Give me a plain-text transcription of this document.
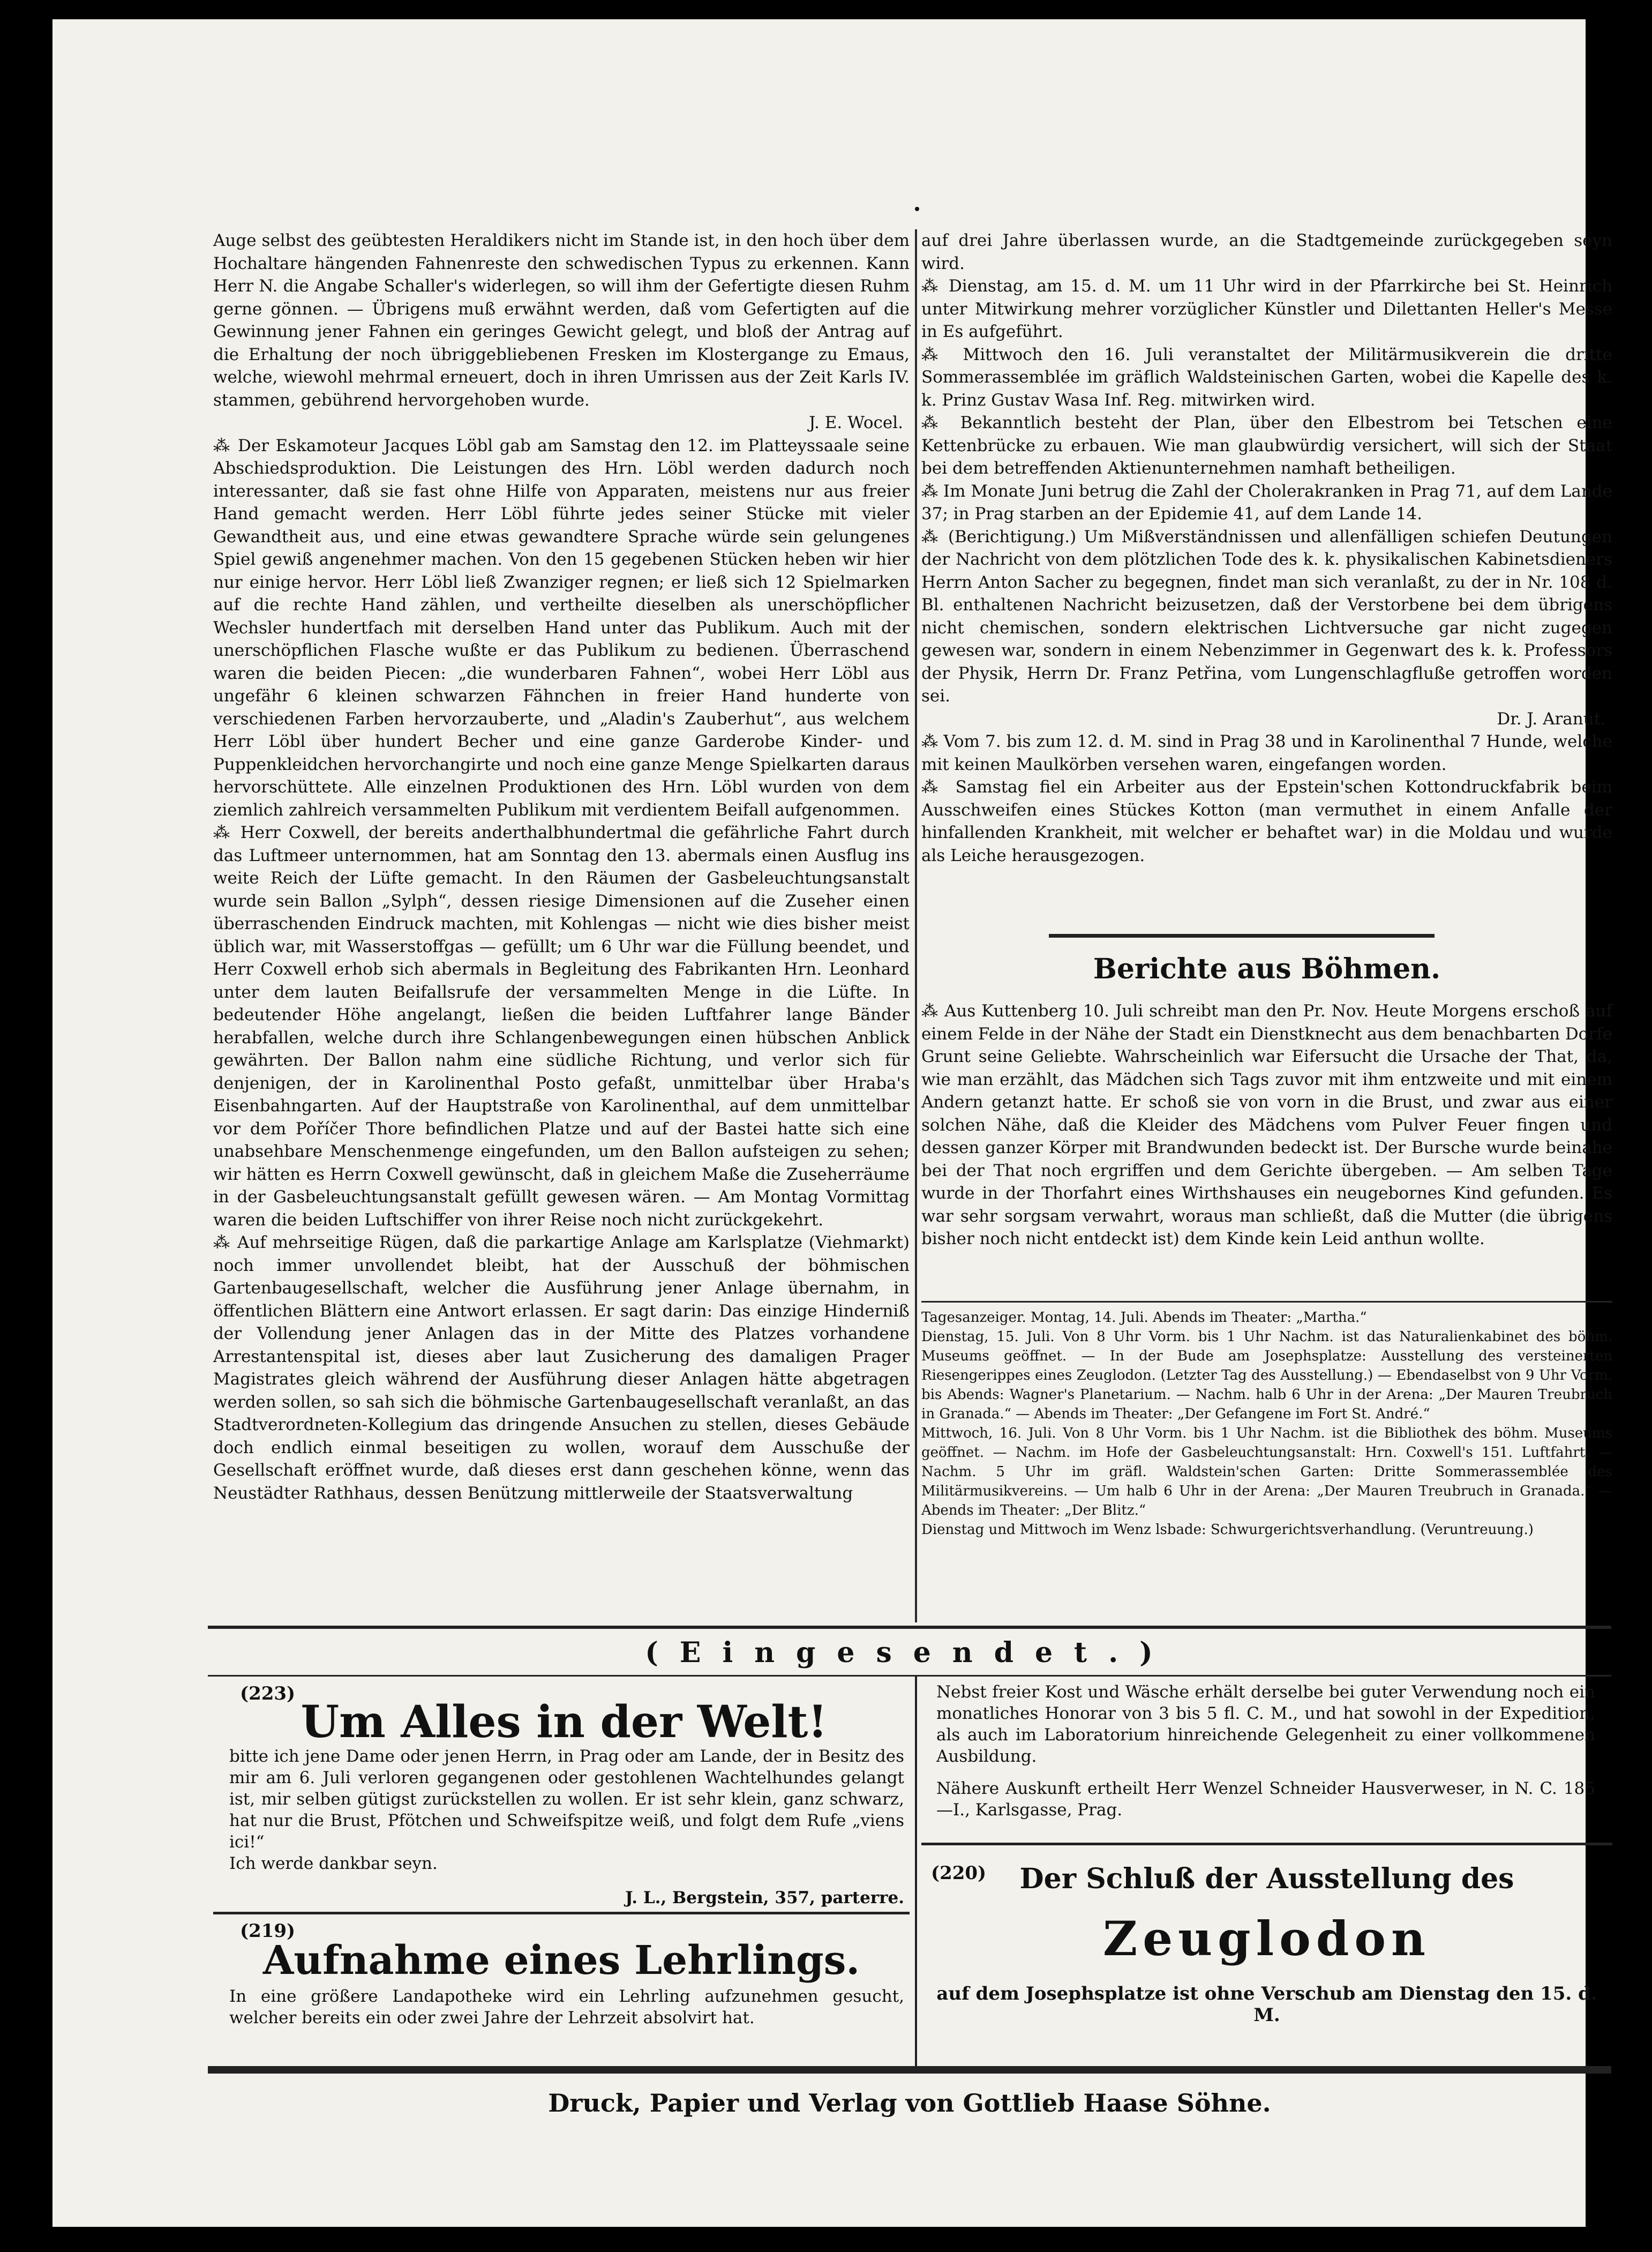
Auge selbst des geübtesten Heraldikers nicht im Stande ist, in den hoch über dem Hochaltare hängenden Fahnenreste den schwedischen Typus zu erkennen. Kann Herr N. die Angabe Schaller's widerlegen, so will ihm der Gefertigte diesen Ruhm gerne gönnen. — Übrigens muß erwähnt werden, daß vom Gefertigten auf die Gewinnung jener Fahnen ein geringes Gewicht gelegt, und bloß der Antrag auf die Erhaltung der noch übriggebliebenen Fresken im Klostergange zu Emaus, welche, wiewohl mehrmal erneuert, doch in ihren Umrissen aus der Zeit Karls IV. stammen, gebührend hervorgehoben wurde.

J. E. Wocel.

⁂ Der Eskamoteur Jacques Löbl gab am Samstag den 12. im Platteyssaale seine Abschiedsproduktion. Die Leistungen des Hrn. Löbl werden dadurch noch interessanter, daß sie fast ohne Hilfe von Apparaten, meistens nur aus freier Hand gemacht werden. Herr Löbl führte jedes seiner Stücke mit vieler Gewandtheit aus, und eine etwas gewandtere Sprache würde sein gelungenes Spiel gewiß angenehmer machen. Von den 15 gegebenen Stücken heben wir hier nur einige hervor. Herr Löbl ließ Zwanziger regnen; er ließ sich 12 Spielmarken auf die rechte Hand zählen, und vertheilte dieselben als unerschöpflicher Wechsler hundertfach mit derselben Hand unter das Publikum. Auch mit der unerschöpflichen Flasche wußte er das Publikum zu bedienen. Überraschend waren die beiden Piecen: „die wunderbaren Fahnen“, wobei Herr Löbl aus ungefähr 6 kleinen schwarzen Fähnchen in freier Hand hunderte von verschiedenen Farben hervorzauberte, und „Aladin's Zauberhut“, aus welchem Herr Löbl über hundert Becher und eine ganze Garderobe Kinder- und Puppenkleidchen hervorchangirte und noch eine ganze Menge Spielkarten daraus hervorschüttete. Alle einzelnen Produktionen des Hrn. Löbl wurden von dem ziemlich zahlreich versammelten Publikum mit verdientem Beifall aufgenommen.

⁂ Herr Coxwell, der bereits anderthalbhundertmal die gefährliche Fahrt durch das Luftmeer unternommen, hat am Sonntag den 13. abermals einen Ausflug ins weite Reich der Lüfte gemacht. In den Räumen der Gasbeleuchtungsanstalt wurde sein Ballon „Sylph“, dessen riesige Dimensionen auf die Zuseher einen überraschenden Eindruck machten, mit Kohlengas — nicht wie dies bisher meist üblich war, mit Wasserstoffgas — gefüllt; um 6 Uhr war die Füllung beendet, und Herr Coxwell erhob sich abermals in Begleitung des Fabrikanten Hrn. Leonhard unter dem lauten Beifallsrufe der versammelten Menge in die Lüfte. In bedeutender Höhe angelangt, ließen die beiden Luftfahrer lange Bänder herabfallen, welche durch ihre Schlangenbewegungen einen hübschen Anblick gewährten. Der Ballon nahm eine südliche Richtung, und verlor sich für denjenigen, der in Karolinenthal Posto gefaßt, unmittelbar über Hraba's Eisenbahngarten. Auf der Hauptstraße von Karolinenthal, auf dem unmittelbar vor dem Poříčer Thore befindlichen Platze und auf der Bastei hatte sich eine unabsehbare Menschenmenge eingefunden, um den Ballon aufsteigen zu sehen; wir hätten es Herrn Coxwell gewünscht, daß in gleichem Maße die Zuseherräume in der Gasbeleuchtungsanstalt gefüllt gewesen wären. — Am Montag Vormittag waren die beiden Luftschiffer von ihrer Reise noch nicht zurückgekehrt.

⁂ Auf mehrseitige Rügen, daß die parkartige Anlage am Karlsplatze (Viehmarkt) noch immer unvollendet bleibt, hat der Ausschuß der böhmischen Gartenbaugesellschaft, welcher die Ausführung jener Anlage übernahm, in öffentlichen Blättern eine Antwort erlassen. Er sagt darin: Das einzige Hinderniß der Vollendung jener Anlagen das in der Mitte des Platzes vorhandene Arrestantenspital ist, dieses aber laut Zusicherung des damaligen Prager Magistrates gleich während der Ausführung dieser Anlagen hätte abgetragen werden sollen, so sah sich die böhmische Gartenbaugesellschaft veranlaßt, an das Stadtverordneten-Kollegium das dringende Ansuchen zu stellen, dieses Gebäude doch endlich einmal beseitigen zu wollen, worauf dem Ausschuße der Gesellschaft eröffnet wurde, daß dieses erst dann geschehen könne, wenn das Neustädter Rathhaus, dessen Benützung mittlerweile der Staatsverwaltung

auf drei Jahre überlassen wurde, an die Stadtgemeinde zurückgegeben seyn wird.

⁂ Dienstag, am 15. d. M. um 11 Uhr wird in der Pfarrkirche bei St. Heinrich unter Mitwirkung mehrer vorzüglicher Künstler und Dilettanten Heller's Messe in Es aufgeführt.

⁂ Mittwoch den 16. Juli veranstaltet der Militärmusikverein die dritte Sommerassemblée im gräflich Waldsteinischen Garten, wobei die Kapelle des k. k. Prinz Gustav Wasa Inf. Reg. mitwirken wird.

⁂ Bekanntlich besteht der Plan, über den Elbestrom bei Tetschen eine Kettenbrücke zu erbauen. Wie man glaubwürdig versichert, will sich der Staat bei dem betreffenden Aktienunternehmen namhaft betheiligen.

⁂ Im Monate Juni betrug die Zahl der Cholerakranken in Prag 71, auf dem Lande 37; in Prag starben an der Epidemie 41, auf dem Lande 14.

⁂ (Berichtigung.) Um Mißverständnissen und allenfälligen schiefen Deutungen der Nachricht von dem plötzlichen Tode des k. k. physikalischen Kabinetsdieners Herrn Anton Sacher zu begegnen, findet man sich veranlaßt, zu der in Nr. 108 d. Bl. enthaltenen Nachricht beizusetzen, daß der Verstorbene bei dem übrigens nicht chemischen, sondern elektrischen Lichtversuche gar nicht zugegen gewesen war, sondern in einem Nebenzimmer in Gegenwart des k. k. Professors der Physik, Herrn Dr. Franz Petřina, vom Lungenschlagfluße getroffen worden sei.

Dr. J. Aranut.

⁂ Vom 7. bis zum 12. d. M. sind in Prag 38 und in Karolinenthal 7 Hunde, welche mit keinen Maulkörben versehen waren, eingefangen worden.

⁂ Samstag fiel ein Arbeiter aus der Epstein'schen Kottondruckfabrik beim Ausschweifen eines Stückes Kotton (man vermuthet in einem Anfalle der hinfallenden Krankheit, mit welcher er behaftet war) in die Moldau und wurde als Leiche herausgezogen.

Berichte aus Böhmen.

⁂ Aus Kuttenberg 10. Juli schreibt man den Pr. Nov. Heute Morgens erschoß auf einem Felde in der Nähe der Stadt ein Dienstknecht aus dem benachbarten Dorfe Grunt seine Geliebte. Wahrscheinlich war Eifersucht die Ursache der That, da, wie man erzählt, das Mädchen sich Tags zuvor mit ihm entzweite und mit einem Andern getanzt hatte. Er schoß sie von vorn in die Brust, und zwar aus einer solchen Nähe, daß die Kleider des Mädchens vom Pulver Feuer fingen und dessen ganzer Körper mit Brandwunden bedeckt ist. Der Bursche wurde beinahe bei der That noch ergriffen und dem Gerichte übergeben. — Am selben Tage wurde in der Thorfahrt eines Wirthshauses ein neugebornes Kind gefunden. Es war sehr sorgsam verwahrt, woraus man schließt, daß die Mutter (die übrigens bisher noch nicht entdeckt ist) dem Kinde kein Leid anthun wollte.

Tagesanzeiger. Montag, 14. Juli. Abends im Theater: „Martha.“

Dienstag, 15. Juli. Von 8 Uhr Vorm. bis 1 Uhr Nachm. ist das Naturalienkabinet des böhm. Museums geöffnet. — In der Bude am Josephsplatze: Ausstellung des versteinerten Riesengerippes eines Zeuglodon. (Letzter Tag des Ausstellung.) — Ebendaselbst von 9 Uhr Vorm. bis Abends: Wagner's Planetarium. — Nachm. halb 6 Uhr in der Arena: „Der Mauren Treubruch in Granada.“ — Abends im Theater: „Der Gefangene im Fort St. André.“

Mittwoch, 16. Juli. Von 8 Uhr Vorm. bis 1 Uhr Nachm. ist die Bibliothek des böhm. Museums geöffnet. — Nachm. im Hofe der Gasbeleuchtungsanstalt: Hrn. Coxwell's 151. Luftfahrt. — Nachm. 5 Uhr im gräfl. Waldstein'schen Garten: Dritte Sommerassemblée des Militärmusikvereins. — Um halb 6 Uhr in der Arena: „Der Mauren Treubruch in Granada.“ — Abends im Theater: „Der Blitz.“

Dienstag und Mittwoch im Wenz lsbade: Schwurgerichtsverhandlung. (Veruntreuung.)

(Eingesendet.)
(223)
Um Alles in der Welt!

bitte ich jene Dame oder jenen Herrn, in Prag oder am Lande, der in Besitz des mir am 6. Juli verloren gegangenen oder gestohlenen Wachtelhundes gelangt ist, mir selben gütigst zurückstellen zu wollen. Er ist sehr klein, ganz schwarz, hat nur die Brust, Pfötchen und Schweifspitze weiß, und folgt dem Rufe „viens ici!“

Ich werde dankbar seyn.

J. L., Bergstein, 357, parterre.

Nebst freier Kost und Wäsche erhält derselbe bei guter Verwendung noch ein monatliches Honorar von 3 bis 5 fl. C. M., und hat sowohl in der Expedition, als auch im Laboratorium hinreichende Gelegenheit zu einer vollkommenen Ausbildung.

Nähere Auskunft ertheilt Herr Wenzel Schneider Hausverweser, in N. C. 185—I., Karlsgasse, Prag.

(219)
Aufnahme eines Lehrlings.

In eine größere Landapotheke wird ein Lehrling aufzunehmen gesucht, welcher bereits ein oder zwei Jahre der Lehrzeit absolvirt hat.

(220)	Der Schluß der Ausstellung des
Zeuglodon
auf dem Josephsplatze ist ohne Verschub am Dienstag den 15. d. M.
Druck, Papier und Verlag von Gottlieb Haase Söhne.
